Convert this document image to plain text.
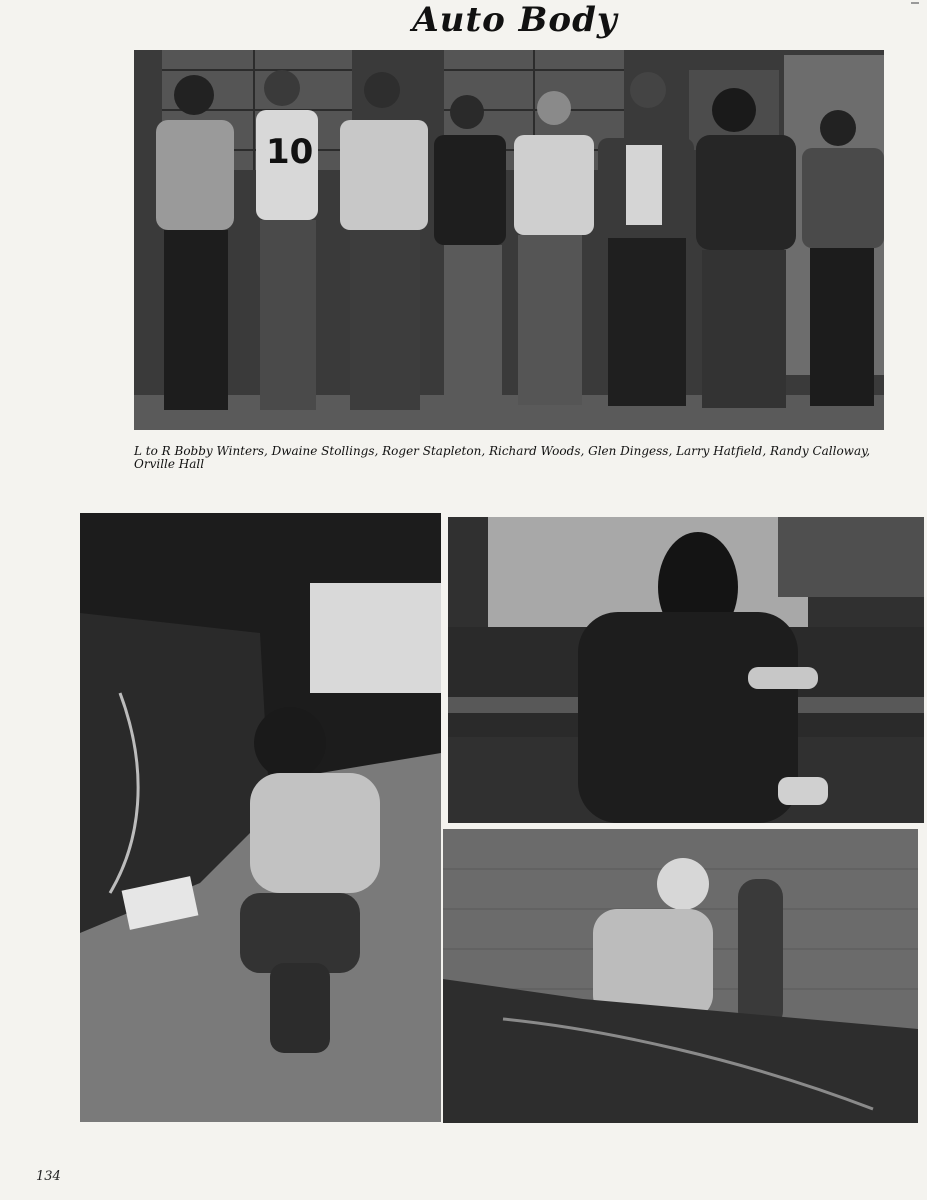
Auto Body
10
L to R Bobby Winters, Dwaine Stollings, Roger Stapleton, Richard Woods, Glen Dingess, Larry Hatfield, Randy Calloway, Orville Hall
134
